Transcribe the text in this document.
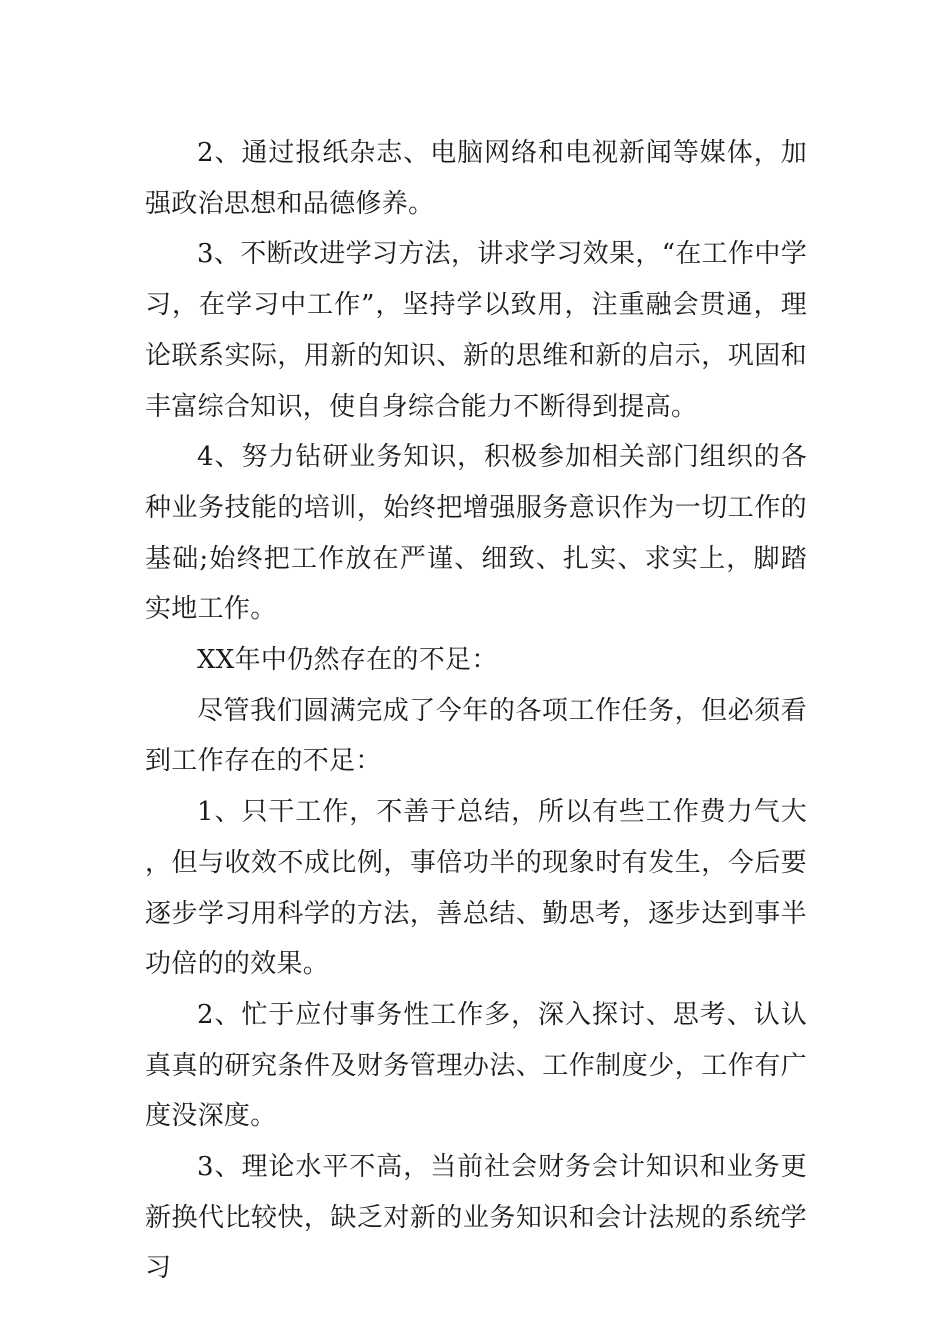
2、通过报纸杂志、电脑网络和电视新闻等媒体，加强政治思想和品德修养。

3、不断改进学习方法，讲求学习效果，“在工作中学习，在学习中工作”，坚持学以致用，注重融会贯通，理论联系实际，用新的知识、新的思维和新的启示，巩固和丰富综合知识，使自身综合能力不断得到提高。

4、努力钻研业务知识，积极参加相关部门组织的各种业务技能的培训，始终把增强服务意识作为一切工作的基础;始终把工作放在严谨、细致、扎实、求实上，脚踏实地工作。

XX年中仍然存在的不足：

尽管我们圆满完成了今年的各项工作任务，但必须看到工作存在的不足：

1、只干工作，不善于总结，所以有些工作费力气大，但与收效不成比例，事倍功半的现象时有发生，今后要逐步学习用科学的方法，善总结、勤思考，逐步达到事半功倍的的效果。

2、忙于应付事务性工作多，深入探讨、思考、认认真真的研究条件及财务管理办法、工作制度少，工作有广度没深度。

3、理论水平不高，当前社会财务会计知识和业务更新换代比较快，缺乏对新的业务知识和会计法规的系统学习
